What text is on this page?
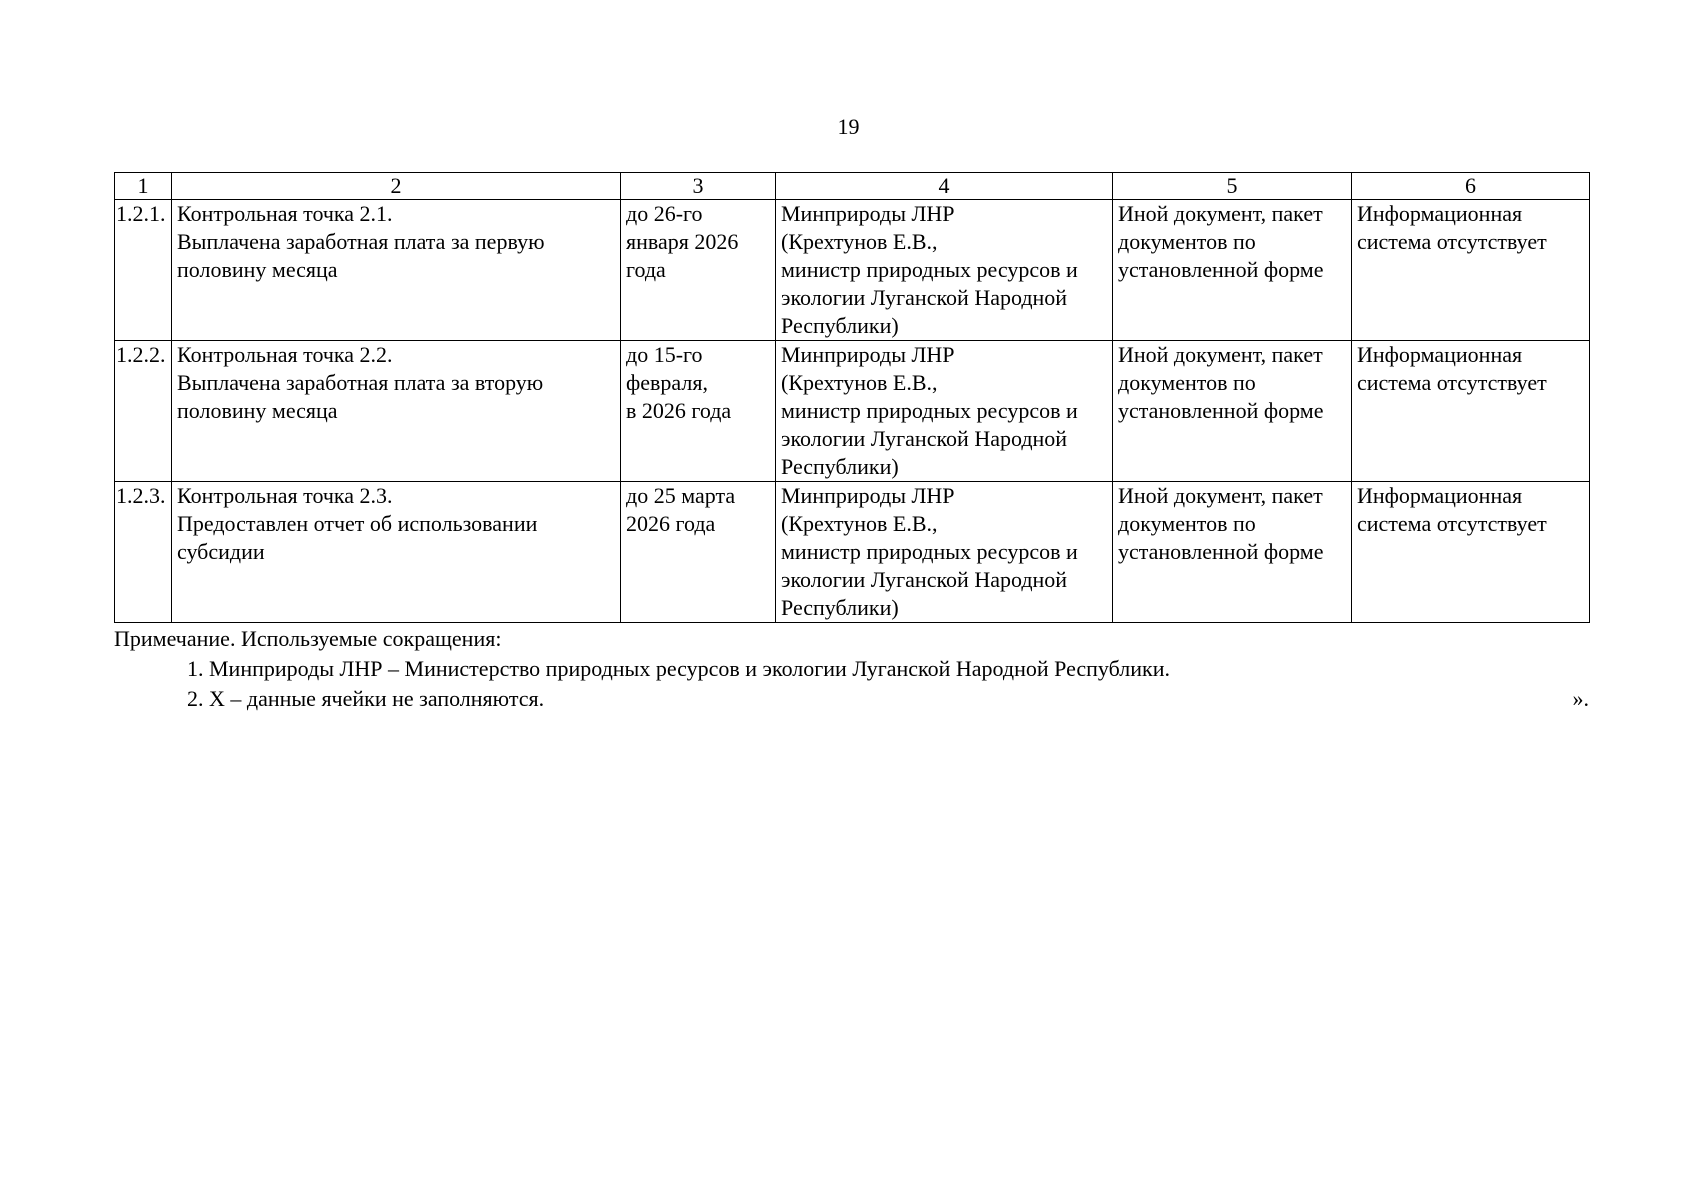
19
1	2	3	4	5	6
1.2.1.	Контрольная точка 2.1.
Выплачена заработная плата за первую половину месяца	до 26-го
января 2026
года	Минприроды ЛНР
(Крехтунов Е.В.,
министр природных ресурсов и экологии Луганской Народной Республики)	Иной документ, пакет документов по установленной форме	Информационная система отсутствует
1.2.2.	Контрольная точка 2.2.
Выплачена заработная плата за вторую половину месяца	до 15-го
февраля,
в 2026 года	Минприроды ЛНР
(Крехтунов Е.В.,
министр природных ресурсов и экологии Луганской Народной Республики)	Иной документ, пакет документов по установленной форме	Информационная система отсутствует
1.2.3.	Контрольная точка 2.3.
Предоставлен отчет об использовании субсидии	до 25 марта
2026 года	Минприроды ЛНР
(Крехтунов Е.В.,
министр природных ресурсов и экологии Луганской Народной Республики)	Иной документ, пакет документов по установленной форме	Информационная система отсутствует
Примечание. Используемые сокращения:
1. Минприроды ЛНР – Министерство природных ресурсов и экологии Луганской Народной Республики.
2. Х – данные ячейки не заполняются.	».
